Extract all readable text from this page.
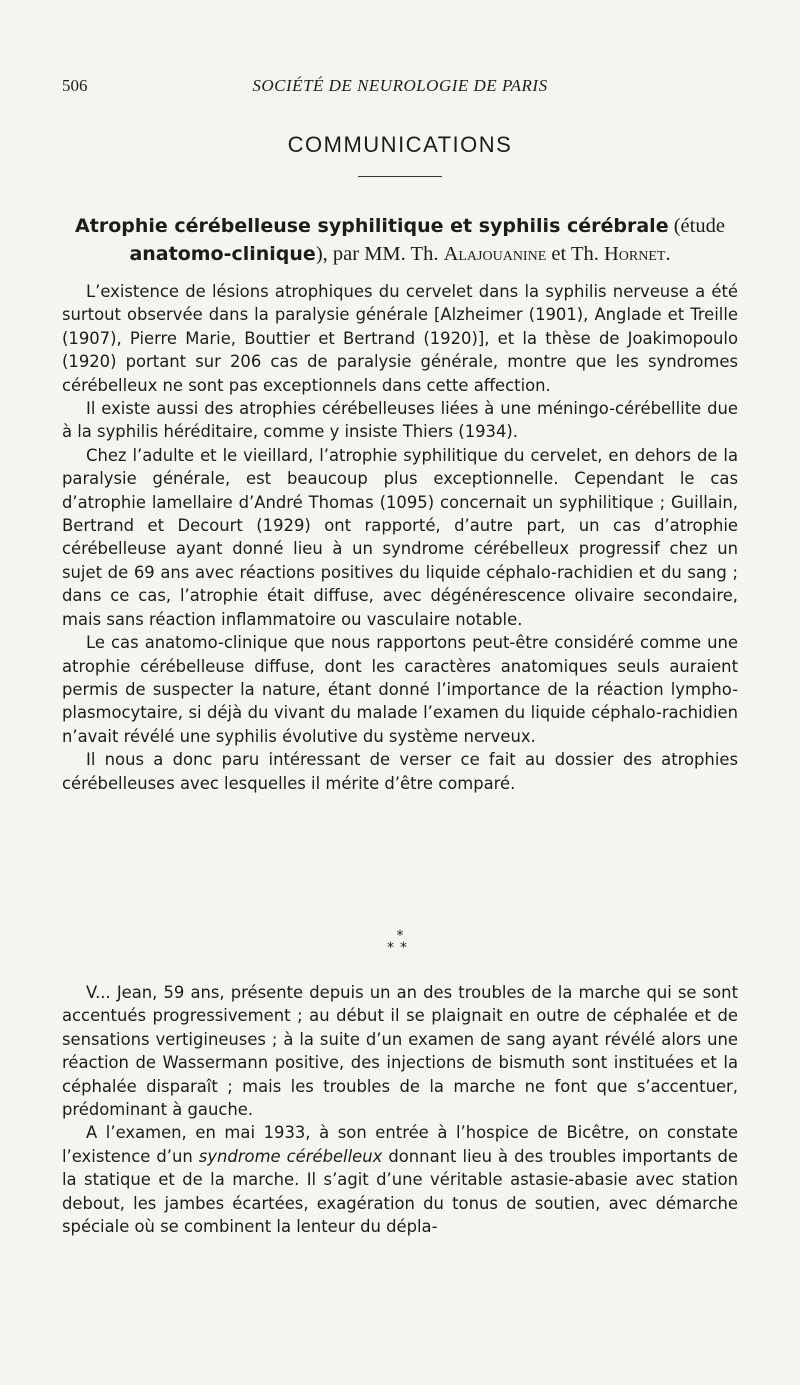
506	SOCIÉTÉ DE NEUROLOGIE DE PARIS
COMMUNICATIONS
Atrophie cérébelleuse syphilitique et syphilis cérébrale (étude
anatomo-clinique), par MM. Th. Alajouanine et Th. Hornet.

L’existence de lésions atrophiques du cervelet dans la syphilis nerveuse a été surtout observée dans la paralysie générale [Alzheimer (1901), Anglade et Treille (1907), Pierre Marie, Bouttier et Bertrand (1920)], et la thèse de Joakimopoulo (1920) portant sur 206 cas de paralysie générale, montre que les syndromes cérébelleux ne sont pas exceptionnels dans cette affection.

Il existe aussi des atrophies cérébelleuses liées à une méningo-cérébellite due à la syphilis héréditaire, comme y insiste Thiers (1934).

Chez l’adulte et le vieillard, l’atrophie syphilitique du cervelet, en dehors de la paralysie générale, est beaucoup plus exceptionnelle. Cependant le cas d’atrophie lamellaire d’André Thomas (1095) concernait un syphilitique ; Guillain, Bertrand et Decourt (1929) ont rapporté, d’autre part, un cas d’atrophie cérébelleuse ayant donné lieu à un syndrome cérébelleux progressif chez un sujet de 69 ans avec réactions positives du liquide céphalo-rachidien et du sang ; dans ce cas, l’atrophie était diffuse, avec dégénérescence olivaire secondaire, mais sans réaction inflammatoire ou vasculaire notable.

Le cas anatomo-clinique que nous rapportons peut-être considéré comme une atrophie cérébelleuse diffuse, dont les caractères anatomiques seuls auraient permis de suspecter la nature, étant donné l’importance de la réaction lympho-plasmocytaire, si déjà du vivant du malade l’examen du liquide céphalo-rachidien n’avait révélé une syphilis évolutive du système nerveux.

Il nous a donc paru intéressant de verser ce fait au dossier des atrophies cérébelleuses avec lesquelles il mérite d’être comparé.

*
**

V... Jean, 59 ans, présente depuis un an des troubles de la marche qui se sont accentués progressivement ; au début il se plaignait en outre de céphalée et de sensations vertigineuses ; à la suite d’un examen de sang ayant révélé alors une réaction de Wassermann positive, des injections de bismuth sont instituées et la céphalée disparaît ; mais les troubles de la marche ne font que s’accentuer, prédominant à gauche.

A l’examen, en mai 1933, à son entrée à l’hospice de Bicêtre, on constate l’existence d’un syndrome cérébelleux donnant lieu à des troubles importants de la statique et de la marche. Il s’agit d’une véritable astasie-abasie avec station debout, les jambes écartées, exagération du tonus de soutien, avec démarche spéciale où se combinent la lenteur du dépla-
